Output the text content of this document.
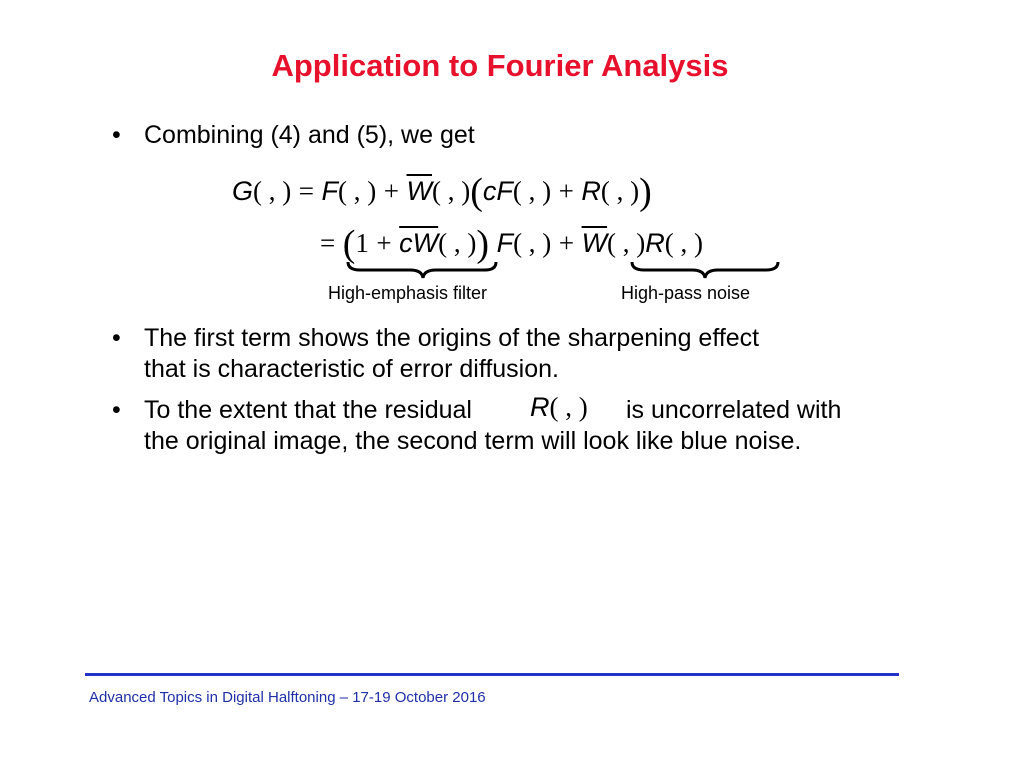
Application to Fourier Analysis
• Combining (4) and (5), we get
G( , ) = F( , ) + $\overline{W}$( , )(cF( , ) + R( , ))
= ($1 + \overline{cW}$( , )) F( , ) + $\overline{W}$( , )R( , )
High-emphasis filter	High-pass noise
• The first term shows the origins of the sharpening effect
that is characteristic of error diffusion.
• To the extent that the residual	is uncorrelated with
the original image, the second term will look like blue noise.
R( , )
Advanced Topics in Digital Halftoning – 17-19 October 2016
